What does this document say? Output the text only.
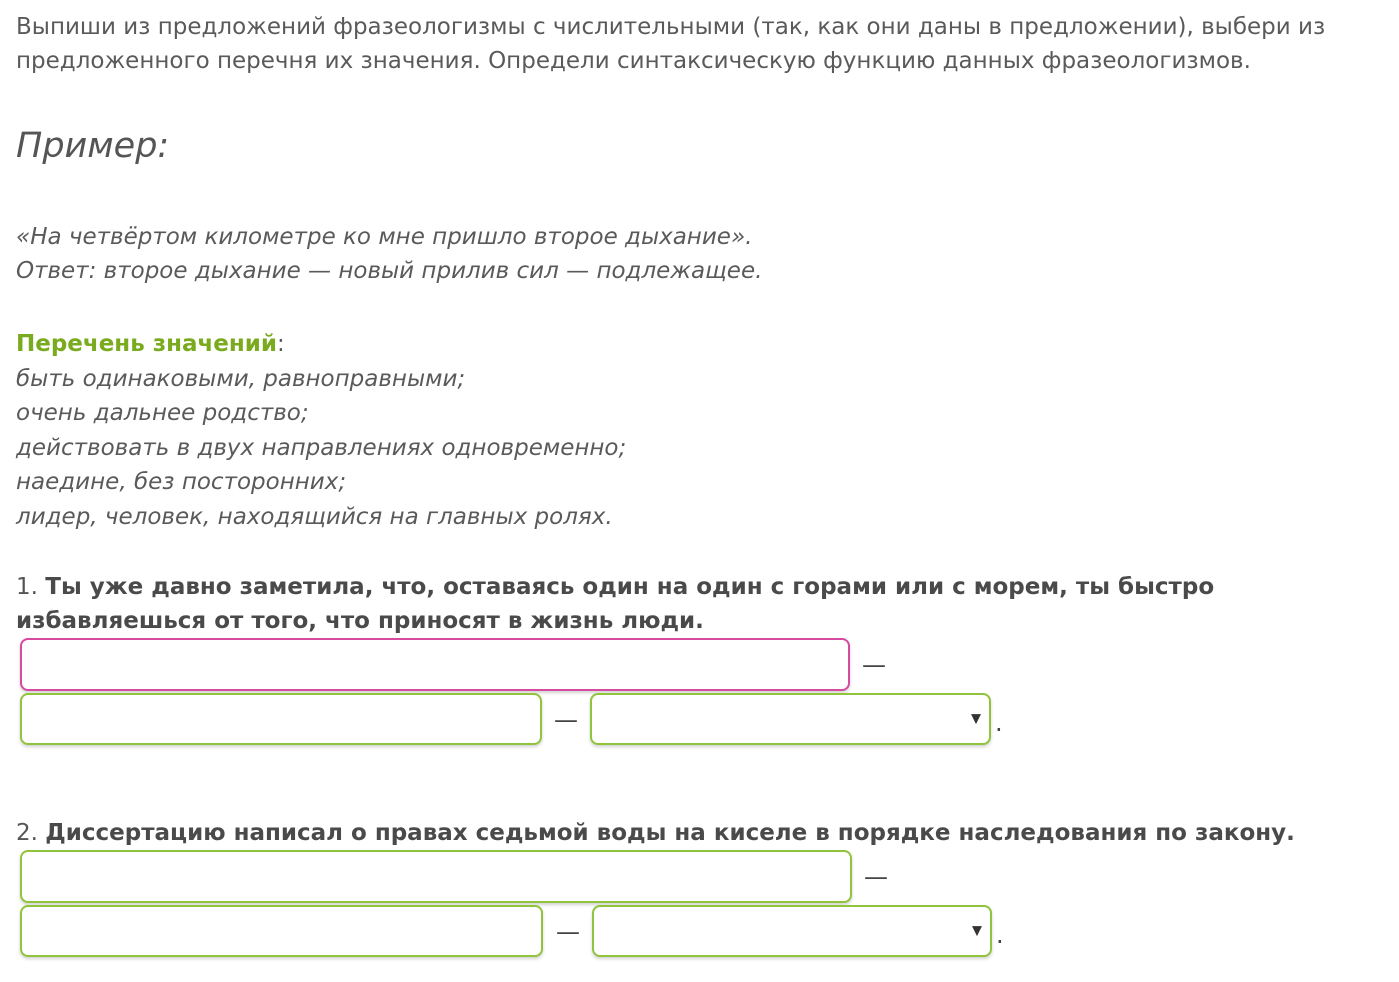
Выпиши из предложений фразеологизмы с числительными (так, как они даны в предложении), выбери из предложенного перечня их значения. Определи синтаксическую функцию данных фразеологизмов.
Пример:
«На четвёртом километре ко мне пришло второе дыхание».
Ответ: второе дыхание — новый прилив сил — подлежащее.
Перечень значений:
быть одинаковыми, равноправными;
очень дальнее родство;
действовать в двух направлениях одновременно;
наедине, без посторонних;
лидер, человек, находящийся на главных ролях.
1. Ты уже давно заметила, что, оставаясь один на один с горами или с морем, ты быстро избавляешься от того, что приносят в жизнь люди.
—
—	▼ .
2. Диссертацию написал о правах седьмой воды на киселе в порядке наследования по закону.
—
—	▼ .
